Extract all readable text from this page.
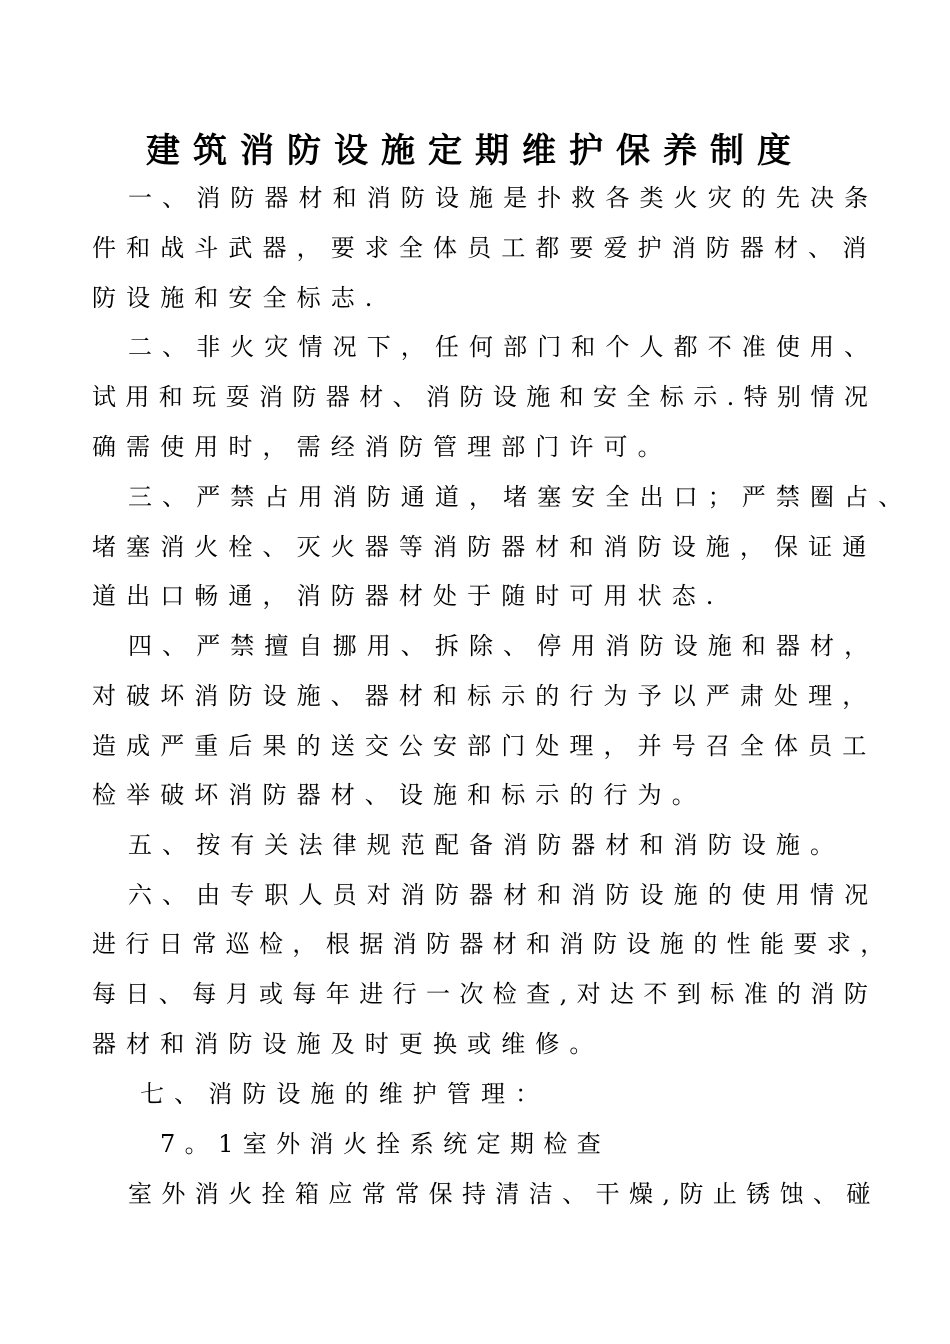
建筑消防设施定期维护保养制度
一、消防器材和消防设施是扑救各类火灾的先决条
件和战斗武器，要求全体员工都要爱护消防器材、消
防设施和安全标志.
二、非火灾情况下，任何部门和个人都不准使用、
试用和玩耍消防器材、消防设施和安全标示.特别情况
确需使用时，需经消防管理部门许可。
三、严禁占用消防通道，堵塞安全出口；严禁圈占、
堵塞消火栓、灭火器等消防器材和消防设施，保证通
道出口畅通，消防器材处于随时可用状态.
四、严禁擅自挪用、拆除、停用消防设施和器材，
对破坏消防设施、器材和标示的行为予以严肃处理，
造成严重后果的送交公安部门处理，并号召全体员工
检举破坏消防器材、设施和标示的行为。
五、按有关法律规范配备消防器材和消防设施。
六、由专职人员对消防器材和消防设施的使用情况
进行日常巡检，根据消防器材和消防设施的性能要求，
每日、每月或每年进行一次检查,对达不到标准的消防
器材和消防设施及时更换或维修。
七、消防设施的维护管理：
7。1室外消火拴系统定期检查
室外消火拴箱应常常保持清洁、干燥,防止锈蚀、碰
